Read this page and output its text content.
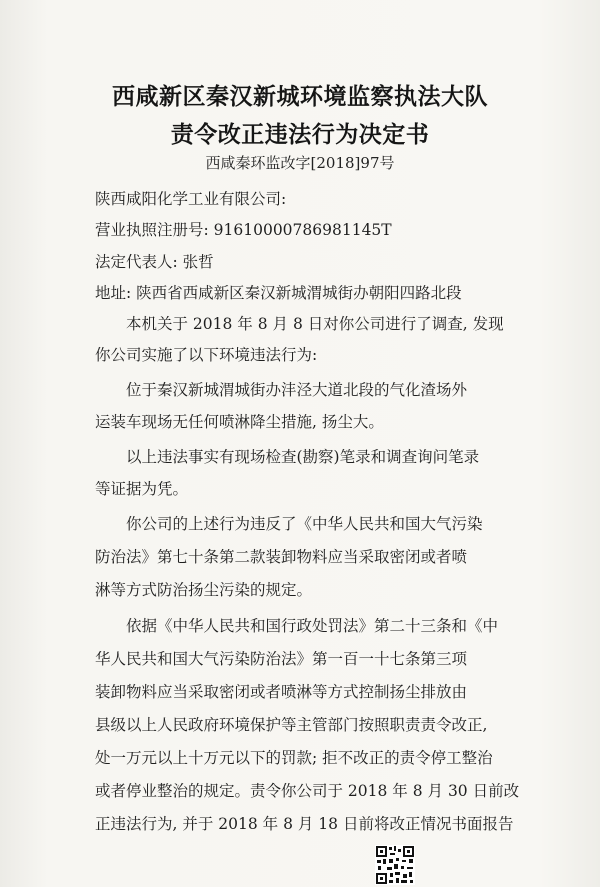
西咸新区秦汉新城环境监察执法大队
责令改正违法行为决定书
西咸秦环监改字[2018]97号
陕西咸阳化学工业有限公司:
营业执照注册号: 91610000786981145T
法定代表人: 张哲
地址: 陕西省西咸新区秦汉新城渭城街办朝阳四路北段
　　本机关于 2018 年 8 月 8 日对你公司进行了调查, 发现
你公司实施了以下环境违法行为:
　　位于秦汉新城渭城街办沣泾大道北段的气化渣场外
运装车现场无任何喷淋降尘措施, 扬尘大。
　　以上违法事实有现场检查(勘察)笔录和调查询问笔录
等证据为凭。
　　你公司的上述行为违反了《中华人民共和国大气污染
防治法》第七十条第二款装卸物料应当采取密闭或者喷
淋等方式防治扬尘污染的规定。
　　依据《中华人民共和国行政处罚法》第二十三条和《中
华人民共和国大气污染防治法》第一百一十七条第三项
装卸物料应当采取密闭或者喷淋等方式控制扬尘排放由
县级以上人民政府环境保护等主管部门按照职责责令改正,
处一万元以上十万元以下的罚款; 拒不改正的责令停工整治
或者停业整治的规定。责令你公司于 2018 年 8 月 30 日前改
正违法行为, 并于 2018 年 8 月 18 日前将改正情况书面报告
